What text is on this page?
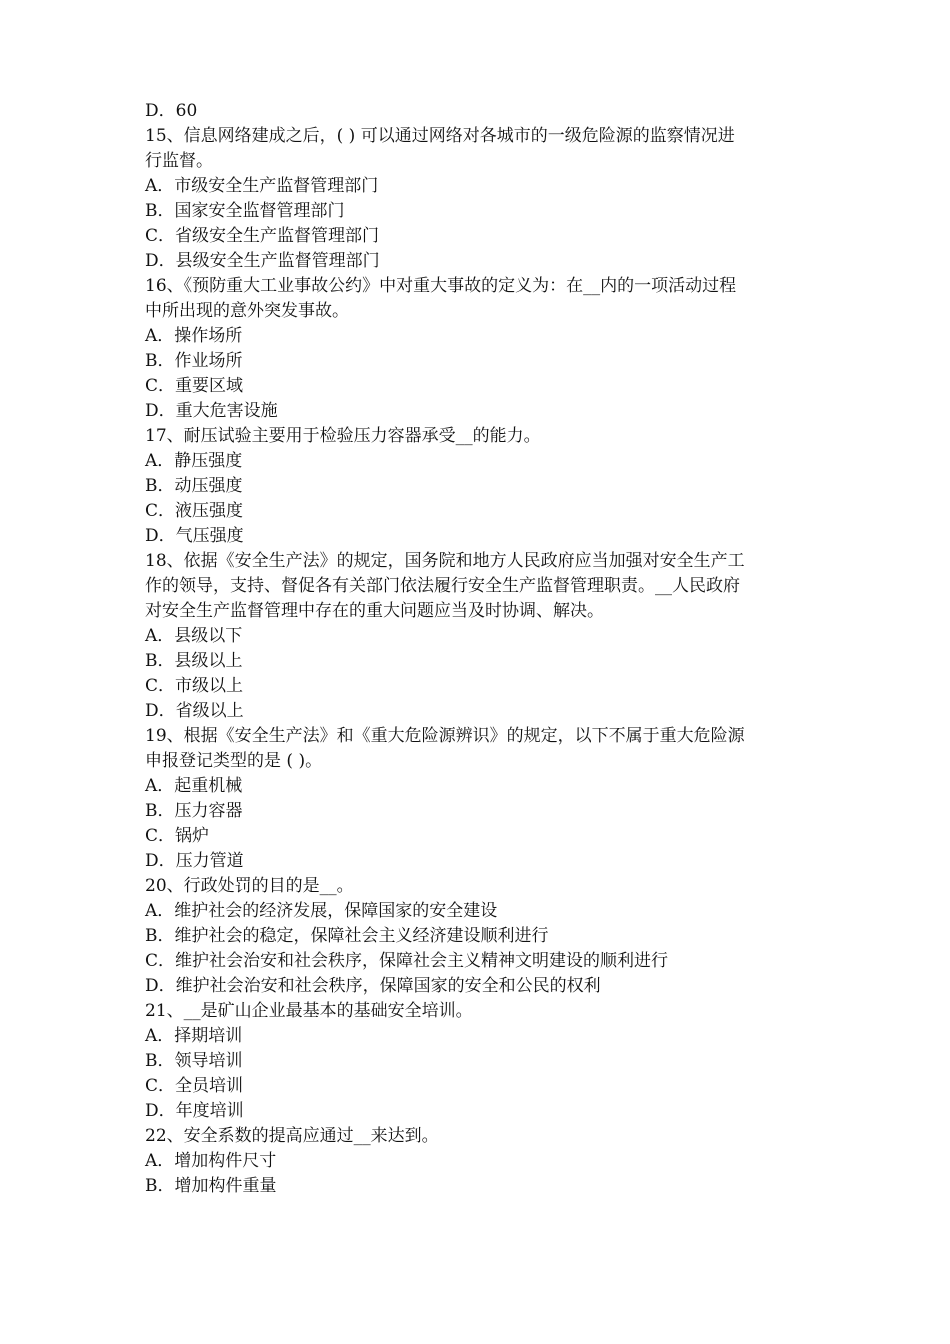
D．60
15、信息网络建成之后，( ) 可以通过网络对各城市的一级危险源的监察情况进
行监督。
A．市级安全生产监督管理部门
B．国家安全监督管理部门
C．省级安全生产监督管理部门
D．县级安全生产监督管理部门
16、《预防重大工业事故公约》中对重大事故的定义为：在__内的一项活动过程
中所出现的意外突发事故。
A．操作场所
B．作业场所
C．重要区域
D．重大危害设施
17、耐压试验主要用于检验压力容器承受__的能力。
A．静压强度
B．动压强度
C．液压强度
D．气压强度
18、依据《安全生产法》的规定，国务院和地方人民政府应当加强对安全生产工
作的领导，支持、督促各有关部门依法履行安全生产监督管理职责。__人民政府
对安全生产监督管理中存在的重大问题应当及时协调、解决。
A．县级以下
B．县级以上
C．市级以上
D．省级以上
19、根据《安全生产法》和《重大危险源辨识》的规定，以下不属于重大危险源
申报登记类型的是 ( )。
A．起重机械
B．压力容器
C．锅炉
D．压力管道
20、行政处罚的目的是__。
A．维护社会的经济发展，保障国家的安全建设
B．维护社会的稳定，保障社会主义经济建设顺利进行
C．维护社会治安和社会秩序，保障社会主义精神文明建设的顺利进行
D．维护社会治安和社会秩序，保障国家的安全和公民的权利
21、__是矿山企业最基本的基础安全培训。
A．择期培训
B．领导培训
C．全员培训
D．年度培训
22、安全系数的提高应通过__来达到。
A．增加构件尺寸
B．增加构件重量
